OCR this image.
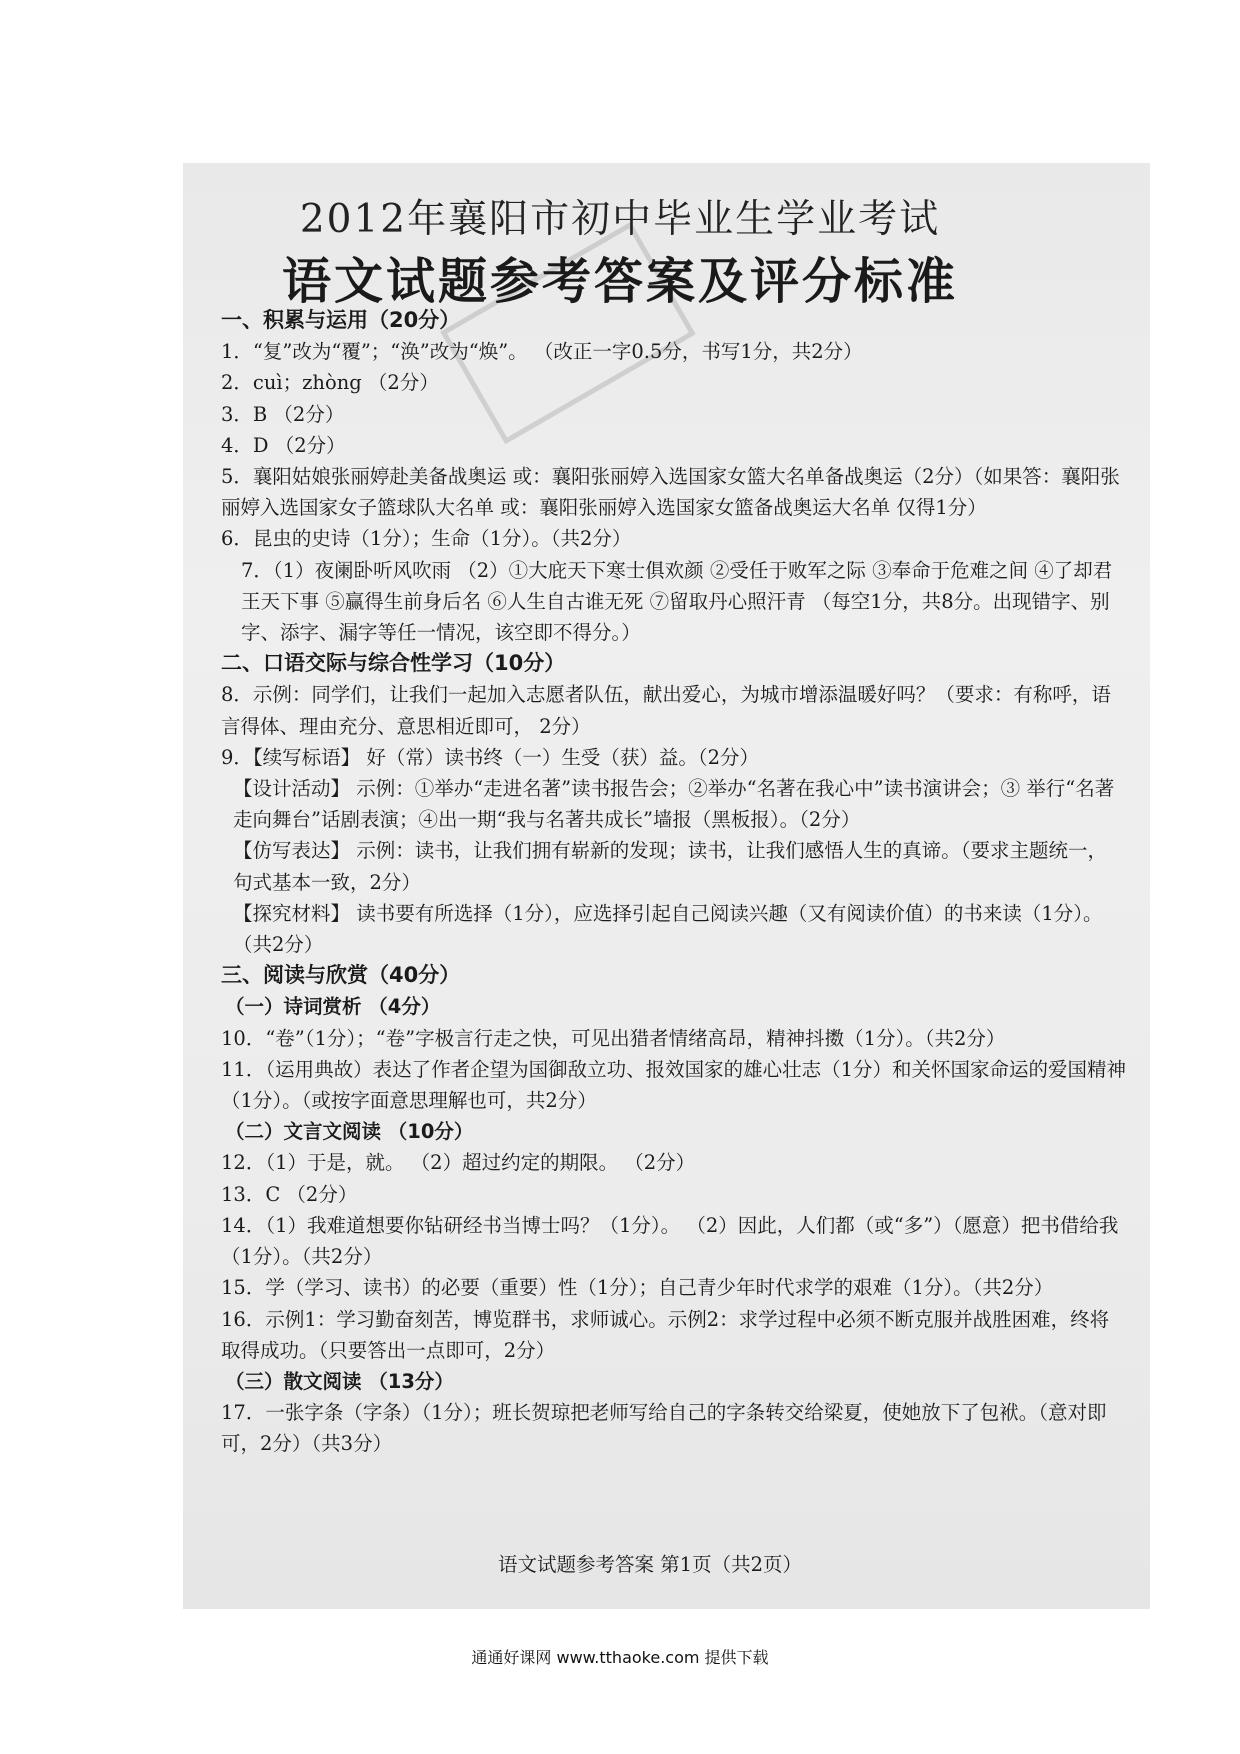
2012年襄阳市初中毕业生学业考试
语文试题参考答案及评分标准

一、积累与运用（20分）

1．“复”改为“覆”；“涣”改为“焕”。 （改正一字0.5分，书写1分，共2分）

2．cuì；zhòng （2分）

3．B （2分）

4．D （2分）

5．襄阳姑娘张丽婷赴美备战奥运 或：襄阳张丽婷入选国家女篮大名单备战奥运（2分）（如果答：襄阳张丽婷入选国家女子篮球队大名单 或：襄阳张丽婷入选国家女篮备战奥运大名单 仅得1分）

6．昆虫的史诗（1分）；生命（1分）。（共2分）

7．（1）夜阑卧听风吹雨 （2）①大庇天下寒士俱欢颜 ②受任于败军之际 ③奉命于危难之间 ④了却君王天下事 ⑤赢得生前身后名 ⑥人生自古谁无死 ⑦留取丹心照汗青 （每空1分，共8分。出现错字、别字、添字、漏字等任一情况，该空即不得分。）

二、口语交际与综合性学习（10分）

8．示例：同学们，让我们一起加入志愿者队伍，献出爱心，为城市增添温暖好吗？（要求：有称呼，语言得体、理由充分、意思相近即可， 2分）

9．【续写标语】 好（常）读书终（一）生受（获）益。（2分）

【设计活动】 示例：①举办“走进名著”读书报告会；②举办“名著在我心中”读书演讲会；③ 举行“名著走向舞台”话剧表演；④出一期“我与名著共成长”墙报（黑板报）。（2分）

【仿写表达】 示例：读书，让我们拥有崭新的发现；读书，让我们感悟人生的真谛。（要求主题统一，句式基本一致，2分）

【探究材料】 读书要有所选择（1分），应选择引起自己阅读兴趣（又有阅读价值）的书来读（1分）。（共2分）

三、阅读与欣赏（40分）

（一）诗词赏析 （4分）

10．“卷”（1分）；“卷”字极言行走之快，可见出猎者情绪高昂，精神抖擞（1分）。（共2分）

11．（运用典故）表达了作者企望为国御敌立功、报效国家的雄心壮志（1分）和关怀国家命运的爱国精神（1分）。（或按字面意思理解也可，共2分）

（二）文言文阅读 （10分）

12．（1）于是，就。 （2）超过约定的期限。 （2分）

13．C （2分）

14．（1）我难道想要你钻研经书当博士吗？（1分）。 （2）因此，人们都（或“多”）（愿意）把书借给我（1分）。（共2分）

15．学（学习、读书）的必要（重要）性（1分）；自己青少年时代求学的艰难（1分）。（共2分）

16．示例1：学习勤奋刻苦，博览群书，求师诚心。示例2：求学过程中必须不断克服并战胜困难，终将取得成功。（只要答出一点即可，2分）

（三）散文阅读 （13分）

17．一张字条（字条）（1分）；班长贺琼把老师写给自己的字条转交给梁夏，使她放下了包袱。（意对即可，2分）（共3分）

语文试题参考答案 第1页（共2页）
通通好课网 www.tthaoke.com 提供下载
